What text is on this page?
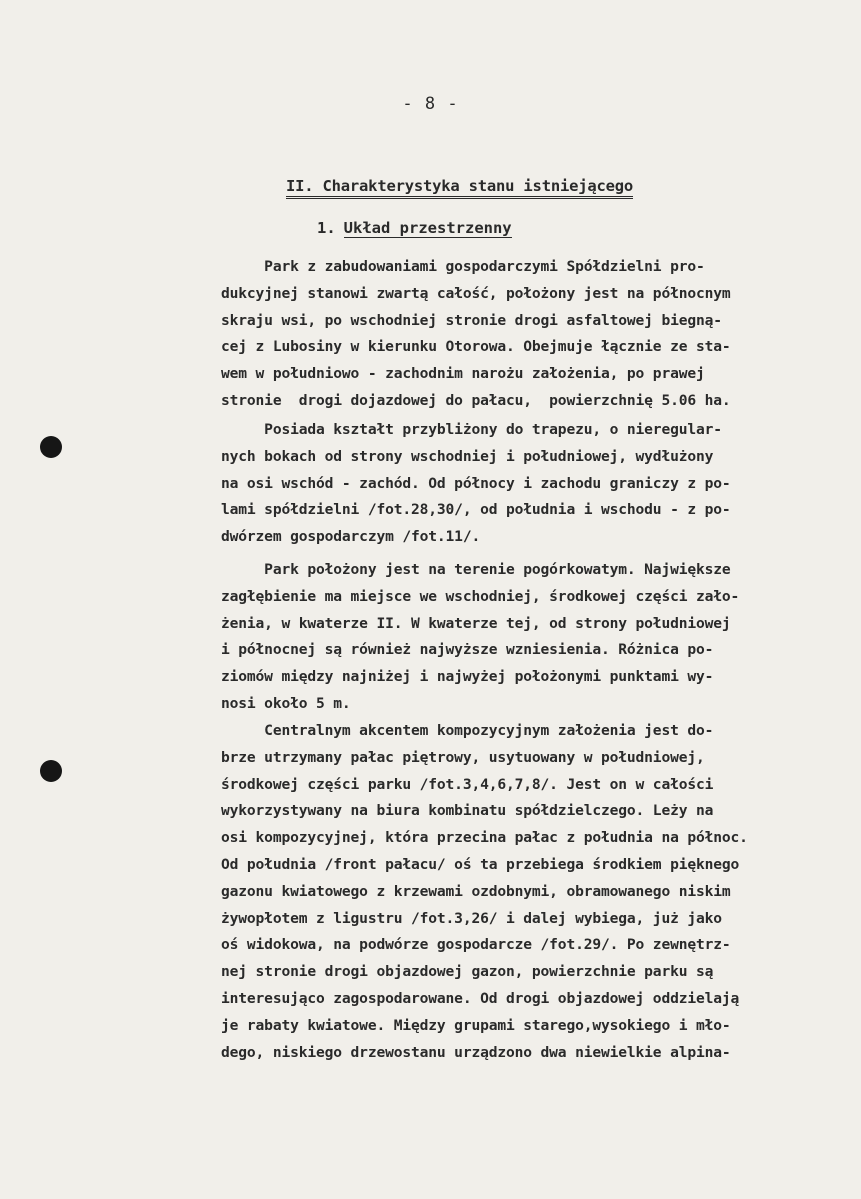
- 8 -
II. Charakterystyka stanu istniejącego
1. Układ przestrzenny
Park z zabudowaniami gospodarczymi Spółdzielni pro-
dukcyjnej stanowi zwartą całość, położony jest na północnym
skraju wsi, po wschodniej stronie drogi asfaltowej biegną-
cej z Lubosiny w kierunku Otorowa. Obejmuje łącznie ze sta-
wem w południowo - zachodnim narożu założenia, po prawej
stronie  drogi dojazdowej do pałacu,  powierzchnię 5.06 ha.
Posiada kształt przybliżony do trapezu, o nieregular-
nych bokach od strony wschodniej i południowej, wydłużony
na osi wschód - zachód. Od północy i zachodu graniczy z po-
lami spółdzielni /fot.28,30/, od południa i wschodu - z po-
dwórzem gospodarczym /fot.11/.
Park położony jest na terenie pogórkowatym. Największe
zagłębienie ma miejsce we wschodniej, środkowej części zało-
żenia, w kwaterze II. W kwaterze tej, od strony południowej
i północnej są również najwyższe wzniesienia. Różnica po-
ziomów między najniżej i najwyżej położonymi punktami wy-
nosi około 5 m.
Centralnym akcentem kompozycyjnym założenia jest do-
brze utrzymany pałac piętrowy, usytuowany w południowej,
środkowej części parku /fot.3,4,6,7,8/. Jest on w całości
wykorzystywany na biura kombinatu spółdzielczego. Leży na
osi kompozycyjnej, która przecina pałac z południa na północ.
Od południa /front pałacu/ oś ta przebiega środkiem pięknego
gazonu kwiatowego z krzewami ozdobnymi, obramowanego niskim
żywopłotem z ligustru /fot.3,26/ i dalej wybiega, już jako
oś widokowa, na podwórze gospodarcze /fot.29/. Po zewnętrz-
nej stronie drogi objazdowej gazon, powierzchnie parku są
interesująco zagospodarowane. Od drogi objazdowej oddzielają
je rabaty kwiatowe. Między grupami starego,wysokiego i mło-
dego, niskiego drzewostanu urządzono dwa niewielkie alpina-
